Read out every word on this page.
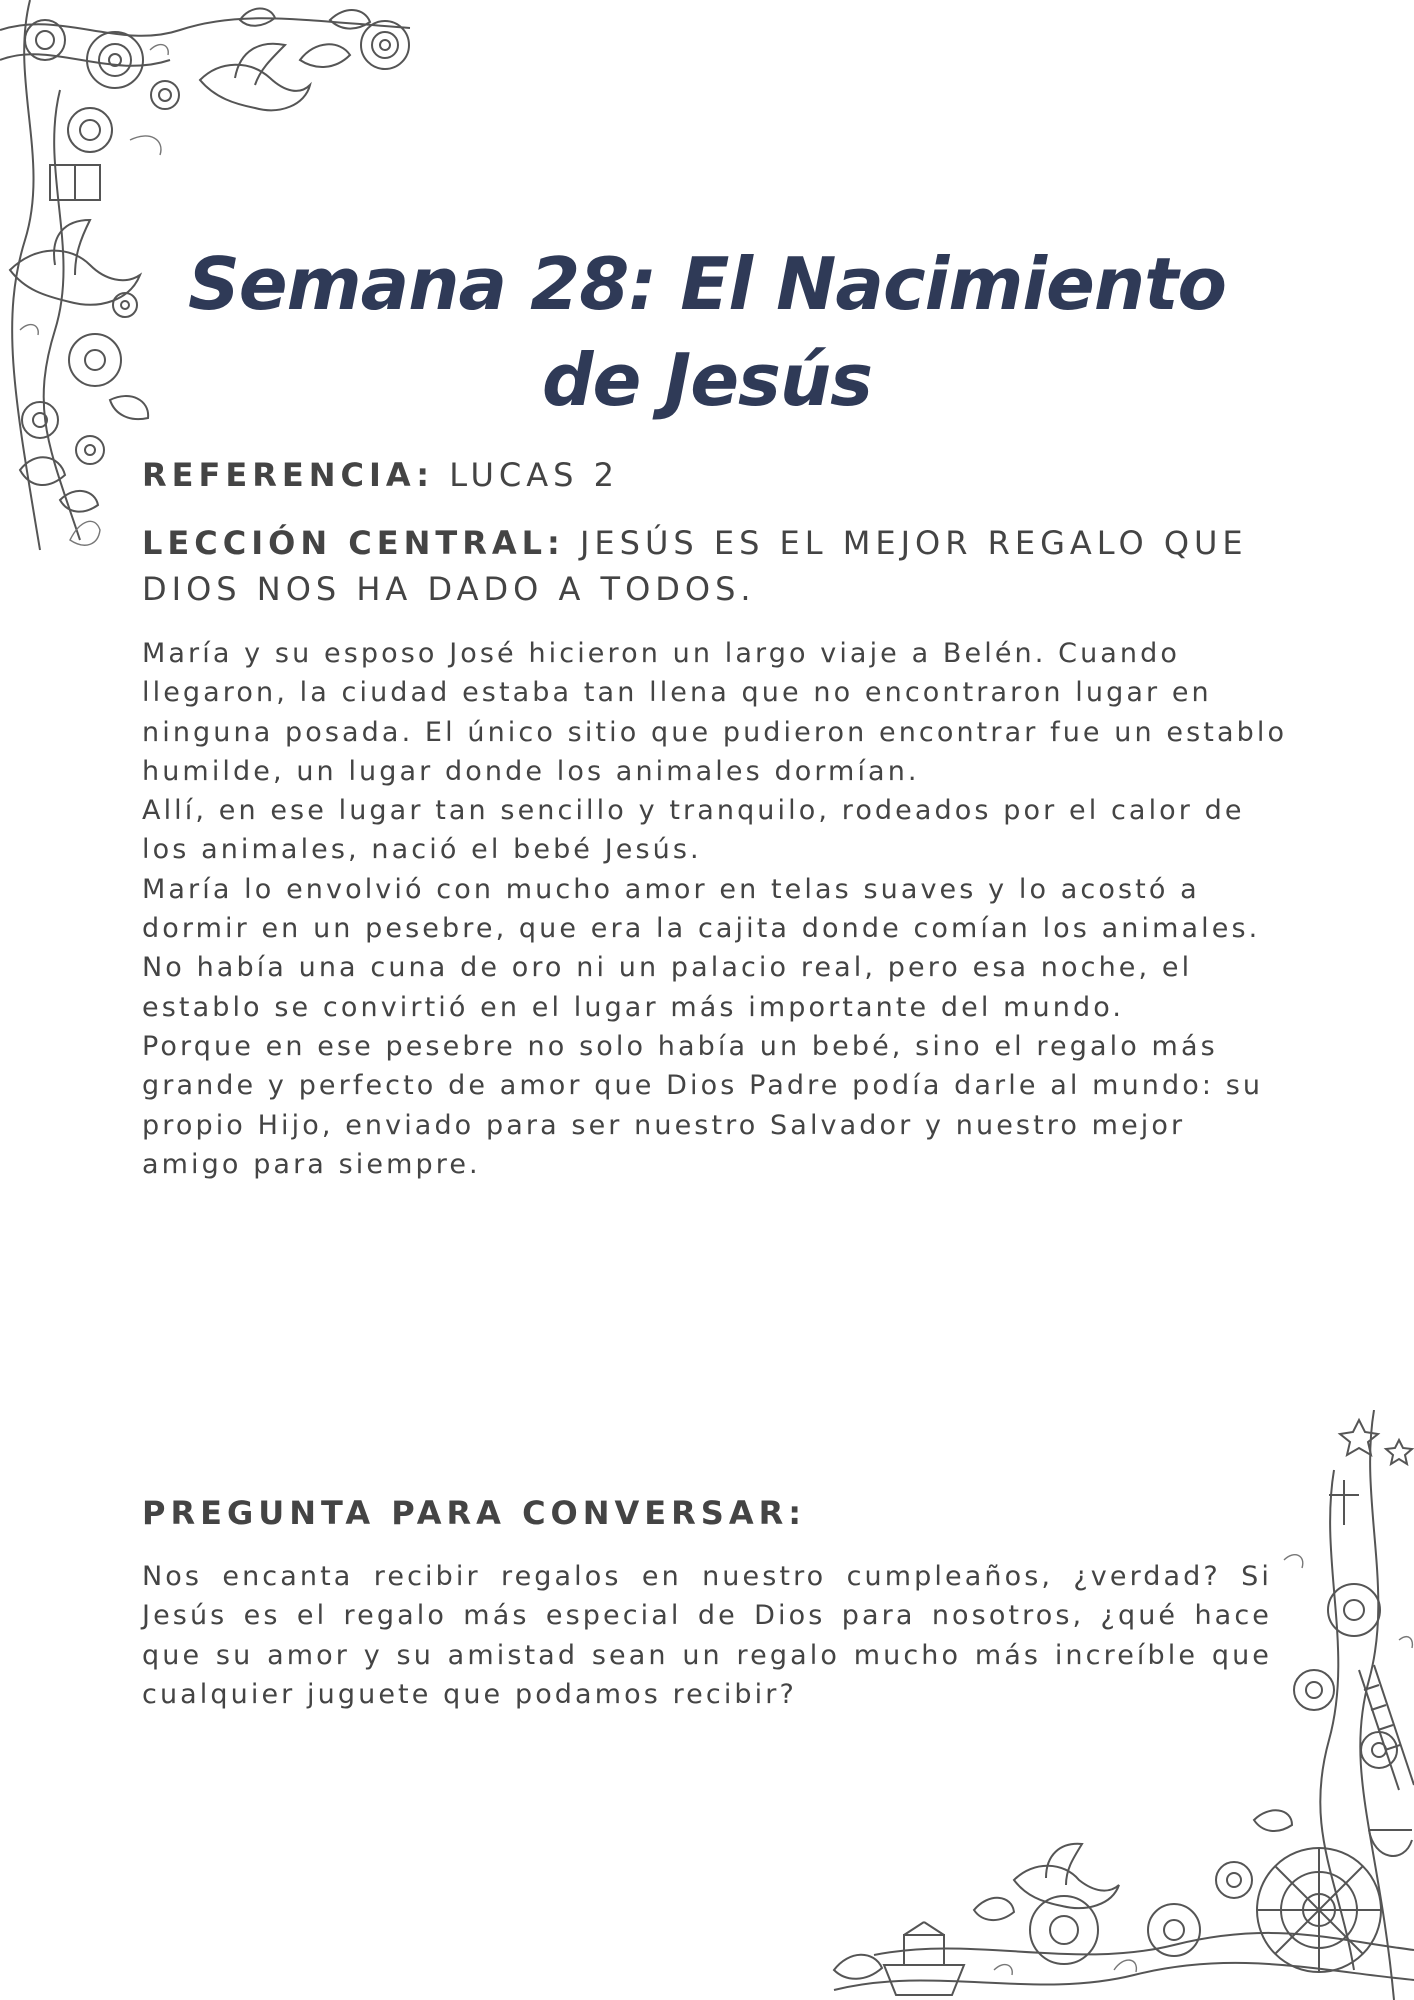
Semana 28: El Nacimiento
de Jesús

REFERENCIA: LUCAS 2

LECCIÓN CENTRAL: JESÚS ES EL MEJOR REGALO QUE DIOS NOS HA DADO A TODOS.

María y su esposo José hicieron un largo viaje a Belén. Cuando llegaron, la ciudad estaba tan llena que no encontraron lugar en ninguna posada. El único sitio que pudieron encontrar fue un establo humilde, un lugar donde los animales dormían.

Allí, en ese lugar tan sencillo y tranquilo, rodeados por el calor de los animales, nació el bebé Jesús.

María lo envolvió con mucho amor en telas suaves y lo acostó a dormir en un pesebre, que era la cajita donde comían los animales.

No había una cuna de oro ni un palacio real, pero esa noche, el establo se convirtió en el lugar más importante del mundo.

Porque en ese pesebre no solo había un bebé, sino el regalo más grande y perfecto de amor que Dios Padre podía darle al mundo: su propio Hijo, enviado para ser nuestro Salvador y nuestro mejor amigo para siempre.

PREGUNTA PARA CONVERSAR:

Nos encanta recibir regalos en nuestro cumpleaños, ¿verdad? Si Jesús es el regalo más especial de Dios para nosotros, ¿qué hace que su amor y su amistad sean un regalo mucho más increíble que cualquier juguete que podamos recibir?
